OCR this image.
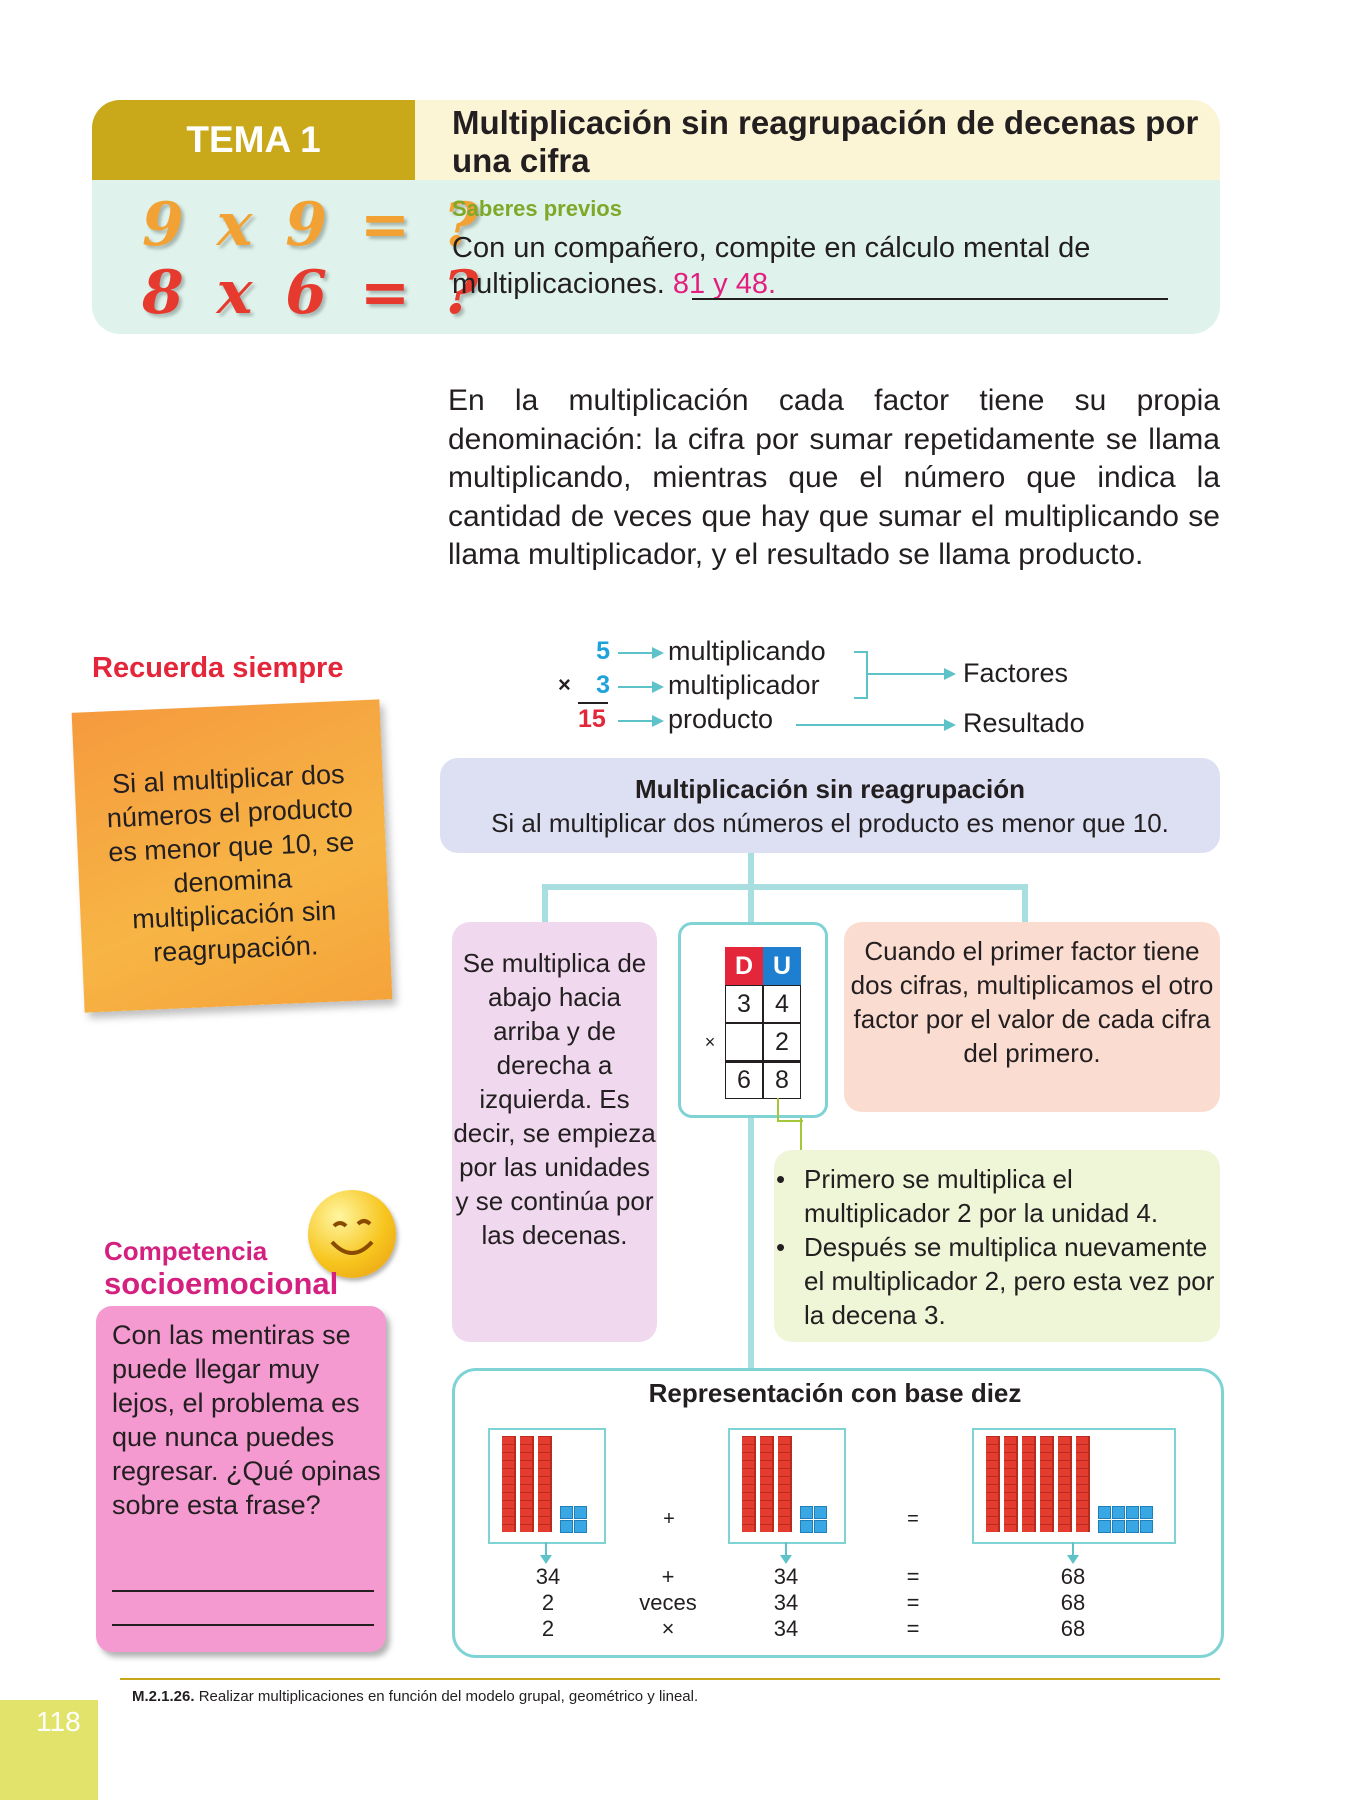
TEMA 1	Multiplicación sin reagrupación de decenas por una cifra
9 x 9 = ?
8 x 6 = ?
Saberes previos
Con un compañero, compite en cálculo mental de multiplicaciones. 81 y 48.
En la multiplicación cada factor tiene su propia denominación: la cifra por sumar repetidamente se llama multiplicando, mientras que el número que indica la cantidad de veces que hay que sumar el multiplicando se llama multiplicador, y el resultado se llama producto.
5
×	3
15
multiplicando
multiplicador
producto
Factores
Resultado
Recuerda siempre
Si al multiplicar dos números el producto es menor que 10, se denomina multiplicación sin reagrupación.
Competencia
socioemocional
Con las mentiras se puede llegar muy lejos, el problema es que nunca puedes regresar. ¿Qué opinas sobre esta frase?
Multiplicación sin reagrupación
Si al multiplicar dos números el producto es menor que 10.
Se multiplica de abajo hacia arriba y de derecha a izquierda. Es decir, se empieza por las unidades y se continúa por las decenas.
D U
3 4
×	2
6 8
Cuando el primer factor tiene dos cifras, multiplicamos el otro factor por el valor de cada cifra del primero.
• Primero se multiplica el multiplicador 2 por la unidad 4.
• Después se multiplica nuevamente el multiplicador 2, pero esta vez por la decena 3.
Representación con base diez
+	=
34	+	34	=	68
2	veces	34	=	68
2	×	34	=	68
M.2.1.26. Realizar multiplicaciones en función del modelo grupal, geométrico y lineal.
118
